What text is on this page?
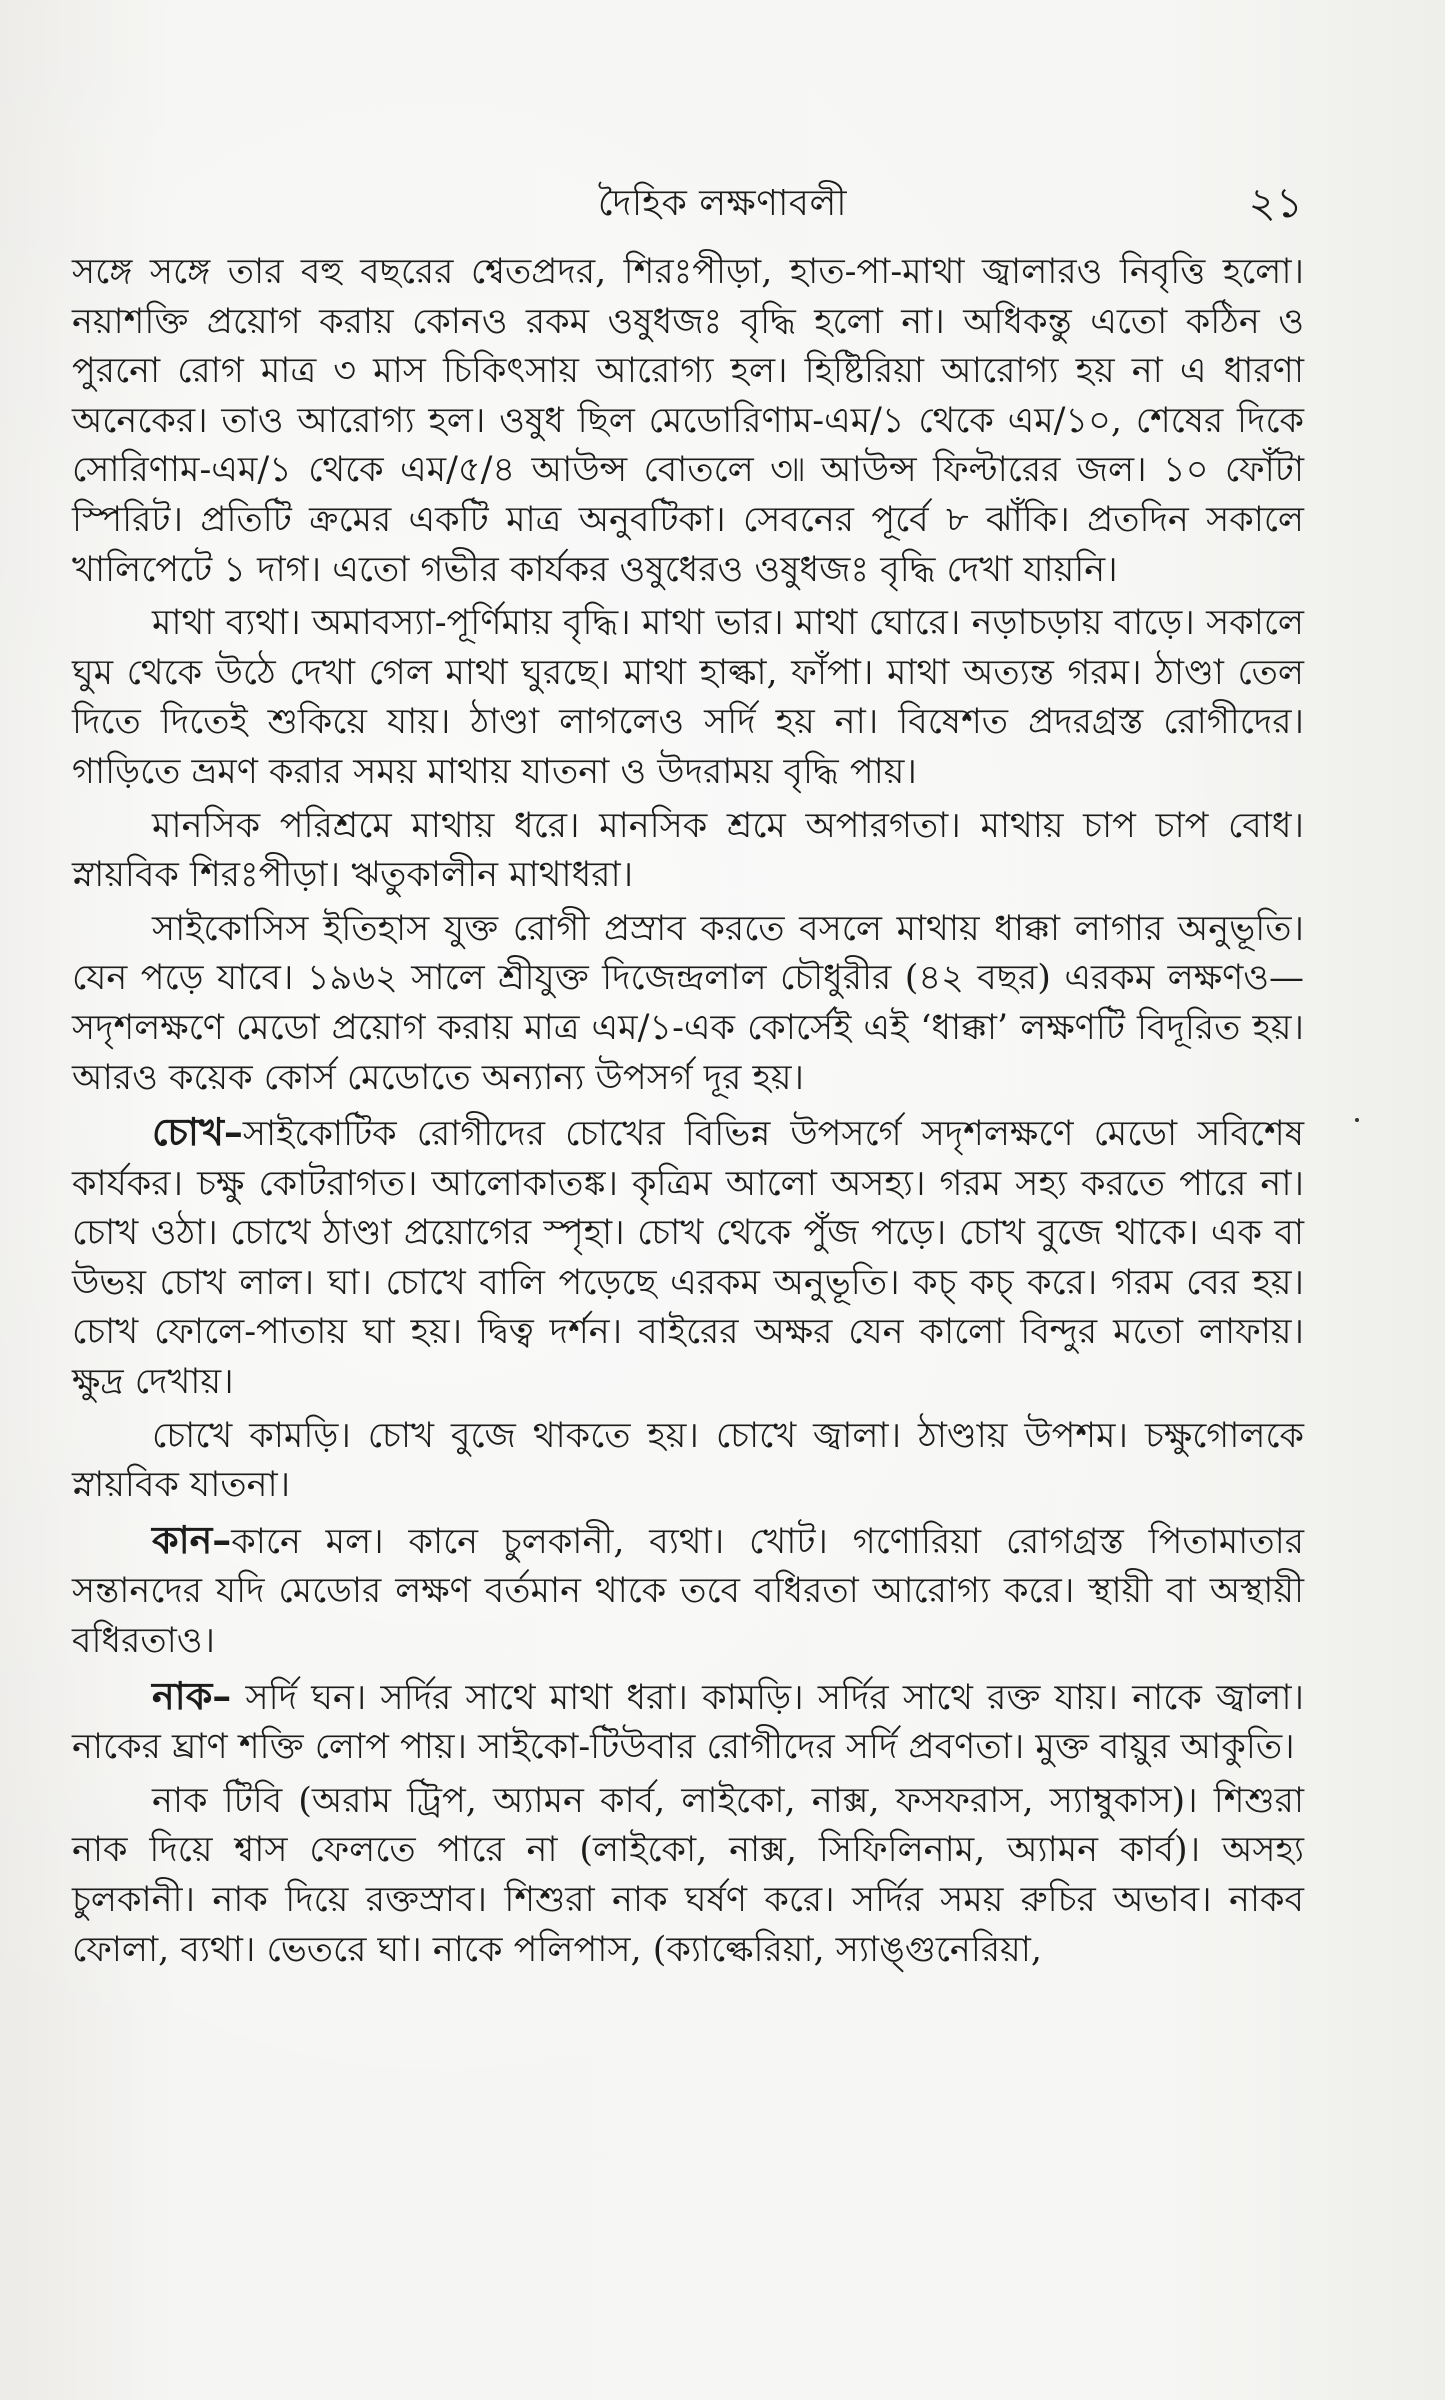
দৈহিক লক্ষণাবলী	২১

সঙ্গে সঙ্গে তার বহু বছরের শ্বেতপ্রদর, শিরঃপীড়া, হাত-পা-মাথা জ্বালারও নিবৃত্তি হলো। নয়াশক্তি প্রয়োগ করায় কোনও রকম ওষুধজঃ বৃদ্ধি হলো না। অধিকন্তু এতো কঠিন ও পুরনো রোগ মাত্র ৩ মাস চিকিৎসায় আরোগ্য হল। হিষ্টিরিয়া আরোগ্য হয় না এ ধারণা অনেকের। তাও আরোগ্য হল। ওষুধ ছিল মেডোরিণাম-এম/১ থেকে এম/১০, শেষের দিকে সোরিণাম-এম/১ থেকে এম/৫/৪ আউন্স বোতলে ৩৷৷ আউন্স ফিল্টারের জল। ১০ ফোঁটা স্পিরিট। প্রতিটি ক্রমের একটি মাত্র অনুবটিকা। সেবনের পূর্বে ৮ ঝাঁকি। প্রতদিন সকালে খালিপেটে ১ দাগ। এতো গভীর কার্যকর ওষুধেরও ওষুধজঃ বৃদ্ধি দেখা যায়নি।

মাথা ব্যথা। অমাবস্যা-পূর্ণিমায় বৃদ্ধি। মাথা ভার। মাথা ঘোরে। নড়াচড়ায় বাড়ে। সকালে ঘুম থেকে উঠে দেখা গেল মাথা ঘুরছে। মাথা হাল্কা, ফাঁপা। মাথা অত্যন্ত গরম। ঠাণ্ডা তেল দিতে দিতেই শুকিয়ে যায়। ঠাণ্ডা লাগলেও সর্দি হয় না। বিষেশত প্রদরগ্রস্ত রোগীদের। গাড়িতে ভ্রমণ করার সময় মাথায় যাতনা ও উদরাময় বৃদ্ধি পায়।

মানসিক পরিশ্রমে মাথায় ধরে। মানসিক শ্রমে অপারগতা। মাথায় চাপ চাপ বোধ। স্নায়বিক শিরঃপীড়া। ঋতুকালীন মাথাধরা।

সাইকোসিস ইতিহাস যুক্ত রোগী প্রস্রাব করতে বসলে মাথায় ধাক্কা লাগার অনুভূতি। যেন পড়ে যাবে। ১৯৬২ সালে শ্রীযুক্ত দিজেন্দ্রলাল চৌধুরীর (৪২ বছর) এরকম লক্ষণও—সদৃশলক্ষণে মেডো প্রয়োগ করায় মাত্র এম/১-এক কোর্সেই এই ‘ধাক্কা’ লক্ষণটি বিদূরিত হয়। আরও কয়েক কোর্স মেডোতে অন্যান্য উপসর্গ দূর হয়।

চোখ–সাইকোটিক রোগীদের চোখের বিভিন্ন উপসর্গে সদৃশলক্ষণে মেডো সবিশেষ কার্যকর। চক্ষু কোটরাগত। আলোকাতঙ্ক। কৃত্রিম আলো অসহ্য। গরম সহ্য করতে পারে না। চোখ ওঠা। চোখে ঠাণ্ডা প্রয়োগের স্পৃহা। চোখ থেকে পুঁজ পড়ে। চোখ বুজে থাকে। এক বা উভয় চোখ লাল। ঘা। চোখে বালি পড়েছে এরকম অনুভূতি। কচ্ কচ্ করে। গরম বের হয়। চোখ ফোলে-পাতায় ঘা হয়। দ্বিত্ব দর্শন। বাইরের অক্ষর যেন কালো বিন্দুর মতো লাফায়। ক্ষুদ্র দেখায়।

চোখে কামড়ি। চোখ বুজে থাকতে হয়। চোখে জ্বালা। ঠাণ্ডায় উপশম। চক্ষুগোলকে স্নায়বিক যাতনা।

কান–কানে মল। কানে চুলকানী, ব্যথা। খোট। গণোরিয়া রোগগ্রস্ত পিতামাতার সন্তানদের যদি মেডোর লক্ষণ বর্তমান থাকে তবে বধিরতা আরোগ্য করে। স্থায়ী বা অস্থায়ী বধিরতাও।

নাক– সর্দি ঘন। সর্দির সাথে মাথা ধরা। কামড়ি। সর্দির সাথে রক্ত যায়। নাকে জ্বালা। নাকের ঘ্রাণ শক্তি লোপ পায়। সাইকো-টিউবার রোগীদের সর্দি প্রবণতা। মুক্ত বায়ুর আকুতি।

নাক টিবি (অরাম ট্রিপ, অ্যামন কার্ব, লাইকো, নাক্স, ফসফরাস, স্যাম্বুকাস)। শিশুরা নাক দিয়ে শ্বাস ফেলতে পারে না (লাইকো, নাক্স, সিফিলিনাম, অ্যামন কার্ব)। অসহ্য চুলকানী। নাক দিয়ে রক্তস্রাব। শিশুরা নাক ঘর্ষণ করে। সর্দির সময় রুচির অভাব। নাকব ফোলা, ব্যথা। ভেতরে ঘা। নাকে পলিপাস, (ক্যাল্কেরিয়া, স্যাঙ্গুনেরিয়া,
